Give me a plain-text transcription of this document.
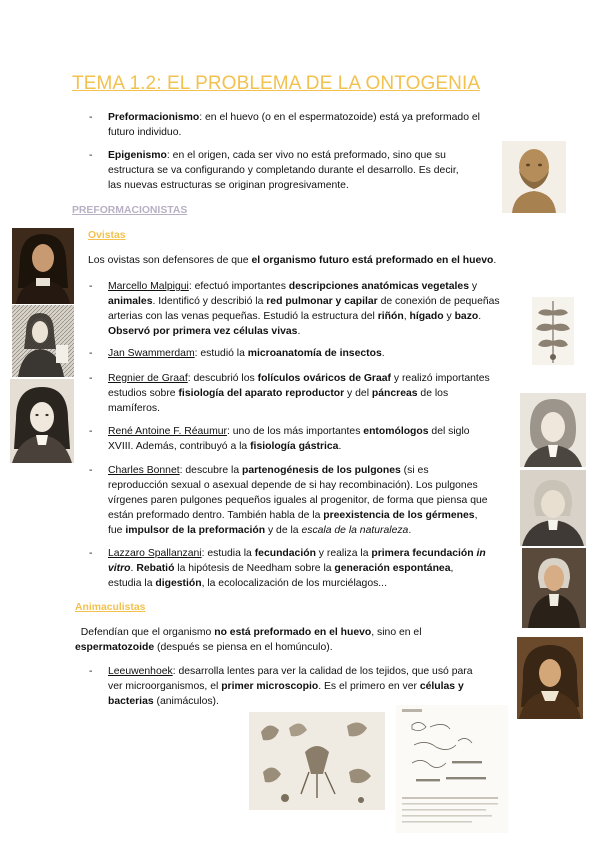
TEMA 1.2: EL PROBLEMA DE LA ONTOGENIA
- Preformacionismo: en el huevo (o en el espermatozoide) está ya preformado el
futuro individuo.
- Epigenismo: en el origen, cada ser vivo no está preformado, sino que su
estructura se va configurando y completando durante el desarrollo. Es decir,
las nuevas estructuras se originan progresivamente.
PREFORMACIONISTAS
Ovistas
Los ovistas son defensores de que el organismo futuro está preformado en el huevo.
- Marcello Malpigui: efectuó importantes descripciones anatómicas vegetales y
animales. Identificó y describió la red pulmonar y capilar de conexión de pequeñas
arterias con las venas pequeñas. Estudió la estructura del riñón, hígado y bazo.
Observó por primera vez células vivas.
- Jan Swammerdam: estudió la microanatomía de insectos.
- Regnier de Graaf: descubrió los folículos ováricos de Graaf y realizó importantes
estudios sobre fisiología del aparato reproductor y del páncreas de los
mamíferos.
- René Antoine F. Réaumur: uno de los más importantes entomólogos del siglo
XVIII. Además, contribuyó a la fisiología gástrica.
- Charles Bonnet: descubre la partenogénesis de los pulgones (si es
reproducción sexual o asexual depende de si hay recombinación). Los pulgones
vírgenes paren pulgones pequeños iguales al progenitor, de forma que piensa que
están preformado dentro. También habla de la preexistencia de los gérmenes,
fue impulsor de la preformación y de la escala de la naturaleza.
- Lazzaro Spallanzani: estudia la fecundación y realiza la primera fecundación in
vitro. Rebatió la hipótesis de Needham sobre la generación espontánea,
estudia la digestión, la ecolocalización de los murciélagos...
Animaculistas
Defendían que el organismo no está preformado en el huevo, sino en el
espermatozoide (después se piensa en el homúnculo).
- Leeuwenhoek: desarrolla lentes para ver la calidad de los tejidos, que usó para
ver microorganismos, el primer microscopio. Es el primero en ver células y
bacterias (animáculos).
